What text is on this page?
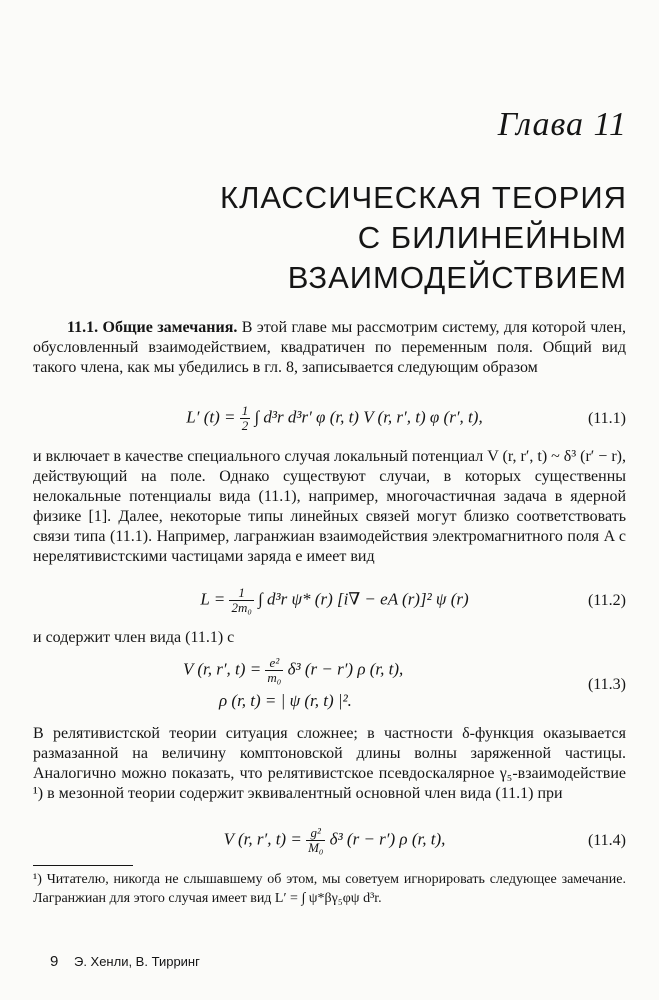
Глава 11
КЛАССИЧЕСКАЯ ТЕОРИЯ
С БИЛИНЕЙНЫМ ВЗАИМОДЕЙСТВИЕМ
11.1. Общие замечания. В этой главе мы рассмотрим систему, для которой член, обусловленный взаимодействием, квадратичен по переменным поля. Общий вид такого члена, как мы убедились в гл. 8, записывается следующим образом
L′ $(t) = \frac{1}{2}$ ∫ d³r d³r′ φ (r, t) V (r, r′, t) φ (r′, t),	(11.1)
и включает в качестве специального случая локальный потенциал V (r, r′, t) ~ δ³ (r′ − r), действующий на поле. Однако существуют случаи, в которых существенны нелокальные потенциалы вида (11.1), например, многочастичная задача в ядерной физике [1]. Далее, некоторые типы линейных связей могут близко соответствовать связи типа (11.1). Например, лагранжиан взаимодействия электромагнитного поля A с нерелятивистскими частицами заряда e имеет вид
$L = \frac{1}{\text{2m₀}}$ ∫ d³r ψ* (r) [i∇ − eA (r)]² ψ (r)	(11.2)
и содержит член вида (11.1) с
V (r, r′, $t) = \frac{\text{e²}}{\text{m₀}} \delta^3$ (r − r′) ρ (r, t),
ρ (r, t) = | ψ (r, t) |².
(11.3)
В релятивистской теории ситуация сложнее; в частности δ-функция оказывается размазанной на величину комптоновской длины волны заряженной частицы. Аналогично можно показать, что релятивистское псевдоскалярное γ₅-взаимодействие ¹) в мезонной теории содержит эквивалентный основной член вида (11.1) при
V (r, r′, $t) = \frac{\text{g²}}{\text{M₀}} \delta^3$ (r − r′) ρ (r, t),	(11.4)
¹) Читателю, никогда не слышавшему об этом, мы советуем игнорировать следующее замечание. Лагранжиан для этого случая имеет вид L′ = ∫ ψ*βγ₅φψ d³r.
9 Э. Хенли, В. Тирринг
